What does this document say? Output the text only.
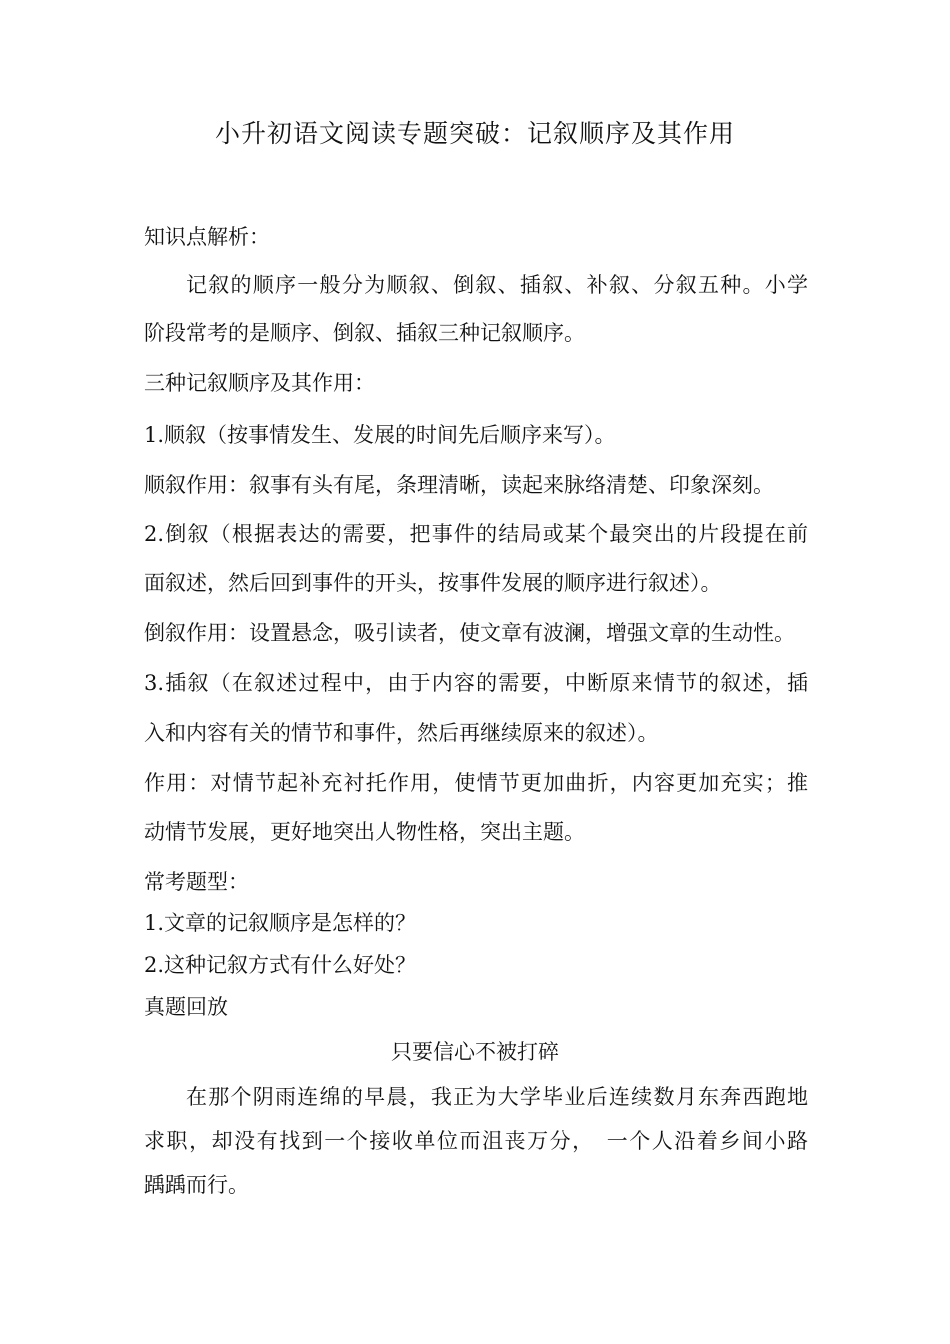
小升初语文阅读专题突破：记叙顺序及其作用
知识点解析：
记叙的顺序一般分为顺叙、倒叙、插叙、补叙、分叙五种。小学
阶段常考的是顺序、倒叙、插叙三种记叙顺序。
三种记叙顺序及其作用：
1.顺叙（按事情发生、发展的时间先后顺序来写）。
顺叙作用：叙事有头有尾，条理清晰，读起来脉络清楚、印象深刻。
2.倒叙（根据表达的需要，把事件的结局或某个最突出的片段提在前
面叙述，然后回到事件的开头，按事件发展的顺序进行叙述）。
倒叙作用：设置悬念，吸引读者，使文章有波澜，增强文章的生动性。
3.插叙（在叙述过程中，由于内容的需要，中断原来情节的叙述，插
入和内容有关的情节和事件，然后再继续原来的叙述）。
作用：对情节起补充衬托作用，使情节更加曲折，内容更加充实；推
动情节发展，更好地突出人物性格，突出主题。
常考题型：
1.文章的记叙顺序是怎样的？
2.这种记叙方式有什么好处？
真题回放
只要信心不被打碎
在那个阴雨连绵的早晨，我正为大学毕业后连续数月东奔西跑地
求职，却没有找到一个接收单位而沮丧万分，　一个人沿着乡间小路
踽踽而行。
